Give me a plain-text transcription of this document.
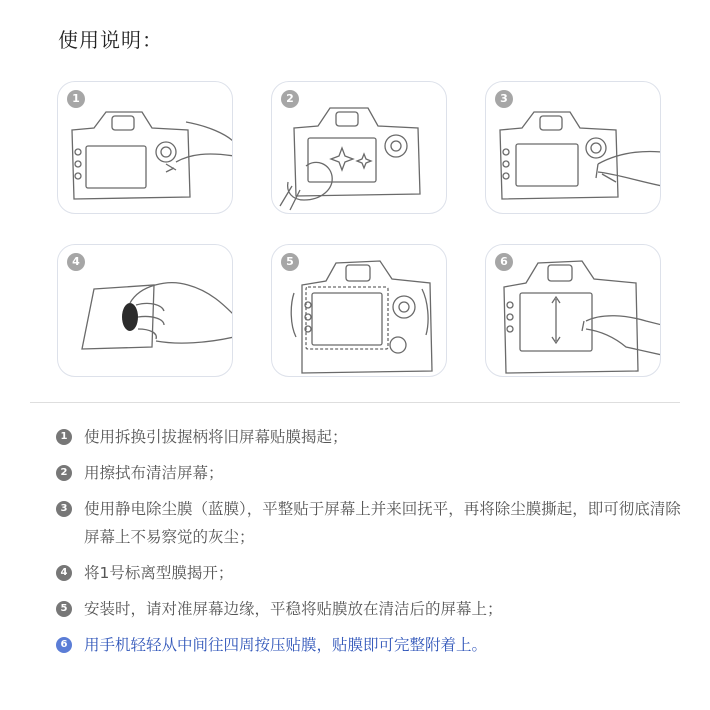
使用说明：
1	2	3
4	5	6
1 使用拆换引拔握柄将旧屏幕贴膜揭起；
2 用擦拭布清洁屏幕；
3 使用静电除尘膜（蓝膜），平整贴于屏幕上并来回抚平，再将除尘膜撕起，即可彻底清除屏幕上不易察觉的灰尘；
4 将1号标离型膜揭开；
5 安装时，请对准屏幕边缘，平稳将贴膜放在清洁后的屏幕上；
6 用手机轻轻从中间往四周按压贴膜，贴膜即可完整附着上。
